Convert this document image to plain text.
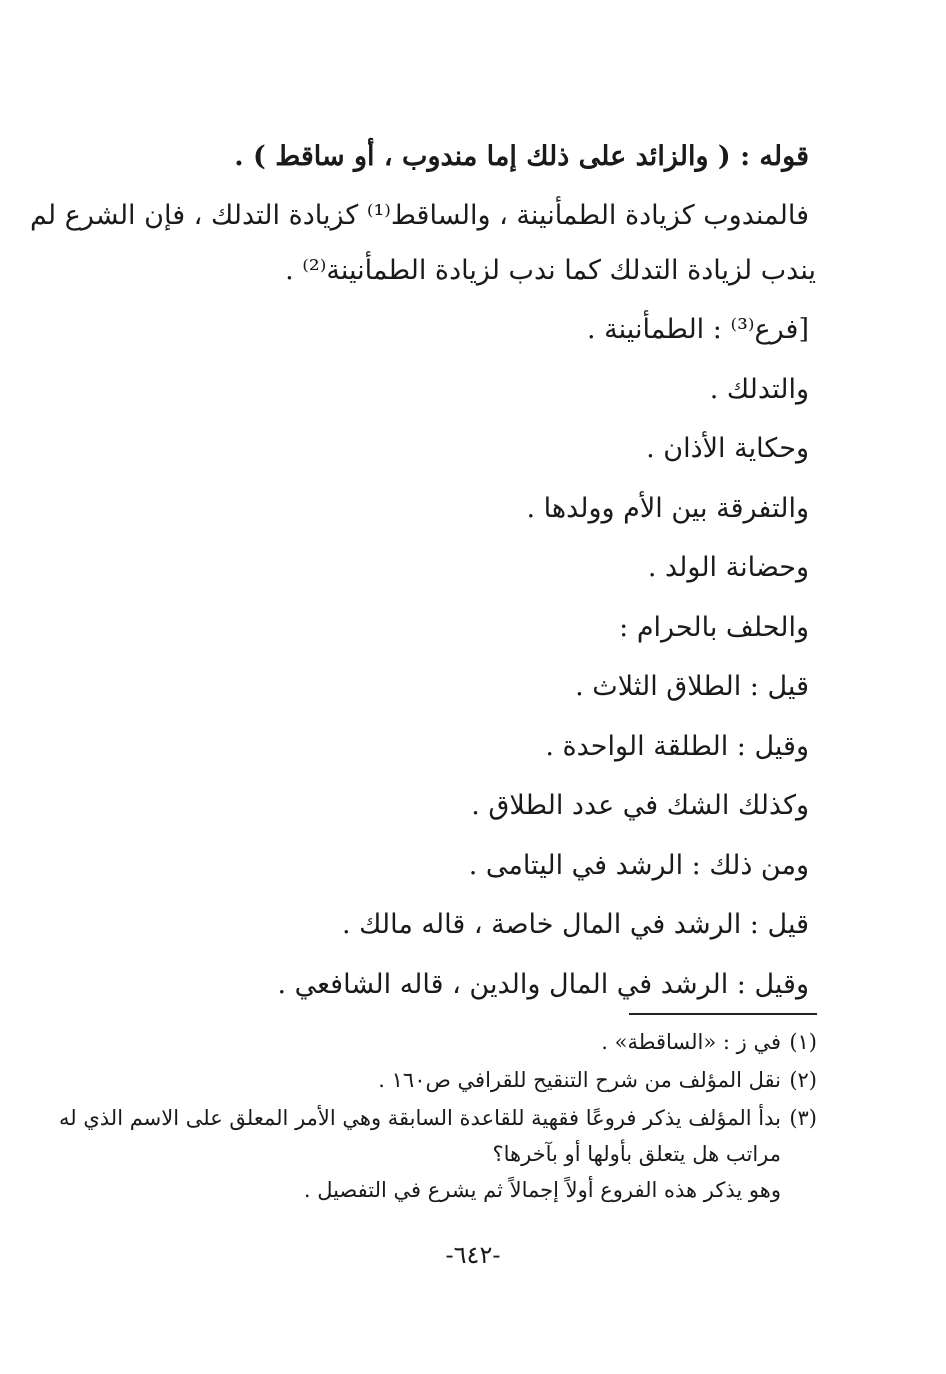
قوله : ( والزائد على ذلك إما مندوب ، أو ساقط ) .
فالمندوب كزيادة الطمأنينة ، والساقط⁽¹⁾ كزيادة التدلك ، فإن الشرع لم
يندب لزيادة التدلك كما ندب لزيادة الطمأنينة⁽²⁾ .
[فرع⁽³⁾ : الطمأنينة .
والتدلك .
وحكاية الأذان .
والتفرقة بين الأم وولدها .
وحضانة الولد .
والحلف بالحرام :
قيل : الطلاق الثلاث .
وقيل : الطلقة الواحدة .
وكذلك الشك في عدد الطلاق .
ومن ذلك : الرشد في اليتامى .
قيل : الرشد في المال خاصة ، قاله مالك .
وقيل : الرشد في المال والدين ، قاله الشافعي .
(١)
في ز : «الساقطة» .
(٢)
نقل المؤلف من شرح التنقيح للقرافي ص١٦٠ .
(٣)
بدأ المؤلف يذكر فروعًا فقهية للقاعدة السابقة وهي الأمر المعلق على الاسم الذي له
مراتب هل يتعلق بأولها أو بآخرها؟
وهو يذكر هذه الفروع أولاً إجمالاً ثم يشرع في التفصيل .
-٦٤٢-
